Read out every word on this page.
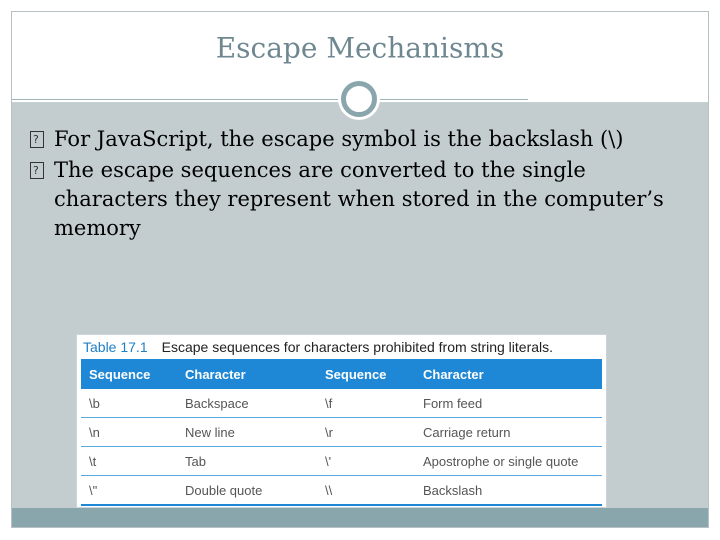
Escape Mechanisms
?
For JavaScript, the escape symbol is the backslash (\)
?
The escape sequences are converted to the single characters they represent when stored in the computer’s memory
Table 17.1 Escape sequences for characters prohibited from string literals.
Sequence	Character	Sequence	Character
\b	Backspace	\f	Form feed
\n	New line	\r	Carriage return
\t	Tab	\'	Apostrophe or single quote
\"	Double quote	\\	Backslash
